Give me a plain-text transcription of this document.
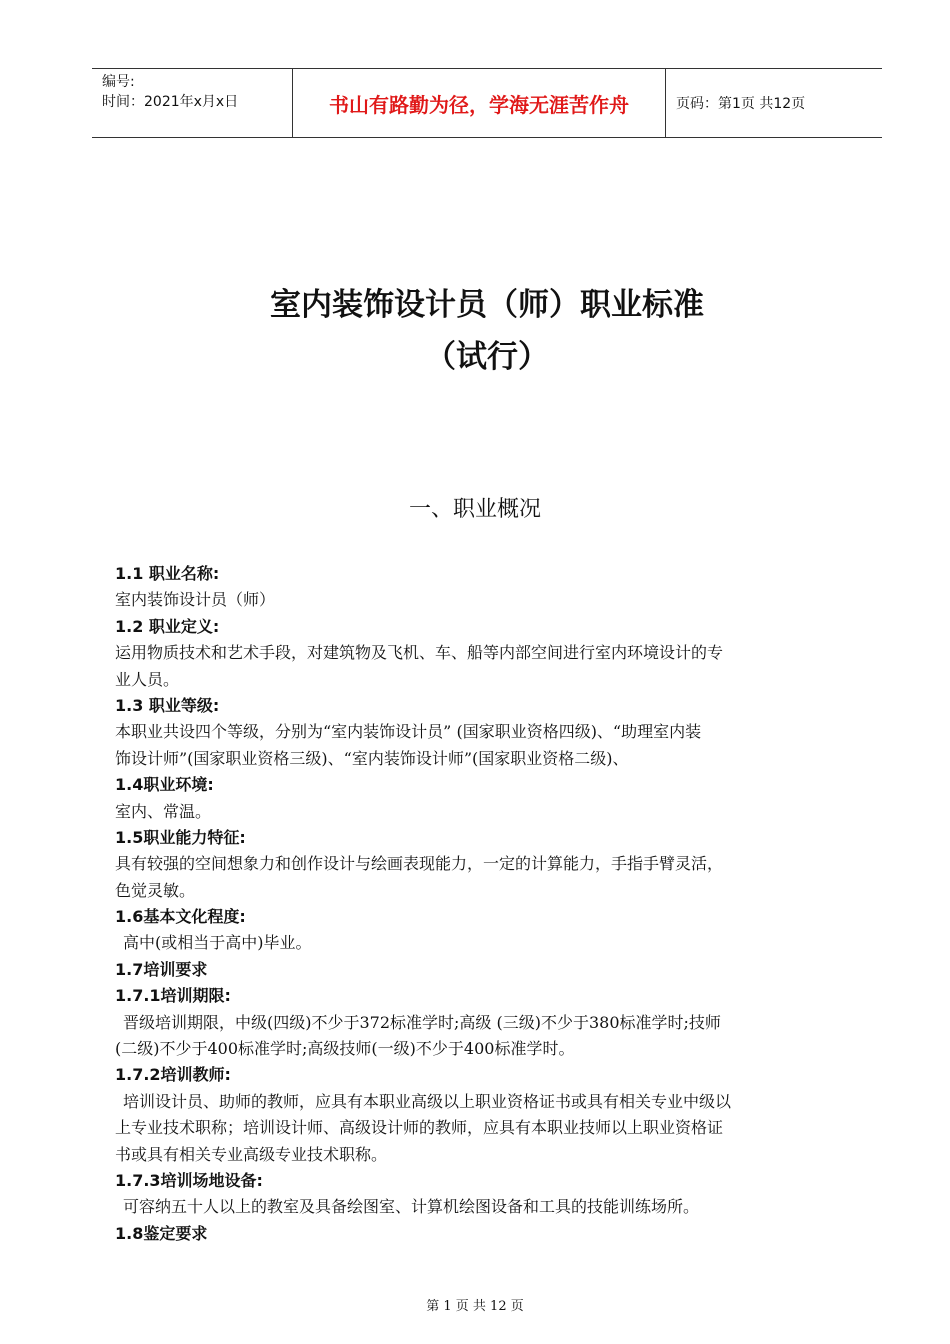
编号:
时间：2021年x月x日	书山有路勤为径，学海无涯苦作舟	页码：第1页 共12页
室内装饰设计员（师）职业标准
（试行）
一、职业概况
1.1 职业名称:
室内装饰设计员（师）
1.2 职业定义:
运用物质技术和艺术手段，对建筑物及飞机、车、船等内部空间进行室内环境设计的专
业人员。
1.3 职业等级:
本职业共设四个等级，分别为“室内装饰设计员” (国家职业资格四级)、“助理室内装
饰设计师”(国家职业资格三级)、“室内装饰设计师”(国家职业资格二级)、
1.4职业环境:
室内、常温。
1.5职业能力特征:
具有较强的空间想象力和创作设计与绘画表现能力，一定的计算能力，手指手臂灵活，
色觉灵敏。
1.6基本文化程度:
高中(或相当于高中)毕业。
1.7培训要求
1.7.1培训期限:
晋级培训期限，中级(四级)不少于372标准学时;高级 (三级)不少于380标准学时;技师
(二级)不少于400标准学时;高级技师(一级)不少于400标准学时。
1.7.2培训教师:
培训设计员、助师的教师，应具有本职业高级以上职业资格证书或具有相关专业中级以
上专业技术职称；培训设计师、高级设计师的教师，应具有本职业技师以上职业资格证
书或具有相关专业高级专业技术职称。
1.7.3培训场地设备:
可容纳五十人以上的教室及具备绘图室、计算机绘图设备和工具的技能训练场所。
1.8鉴定要求
第 1 页 共 12 页
